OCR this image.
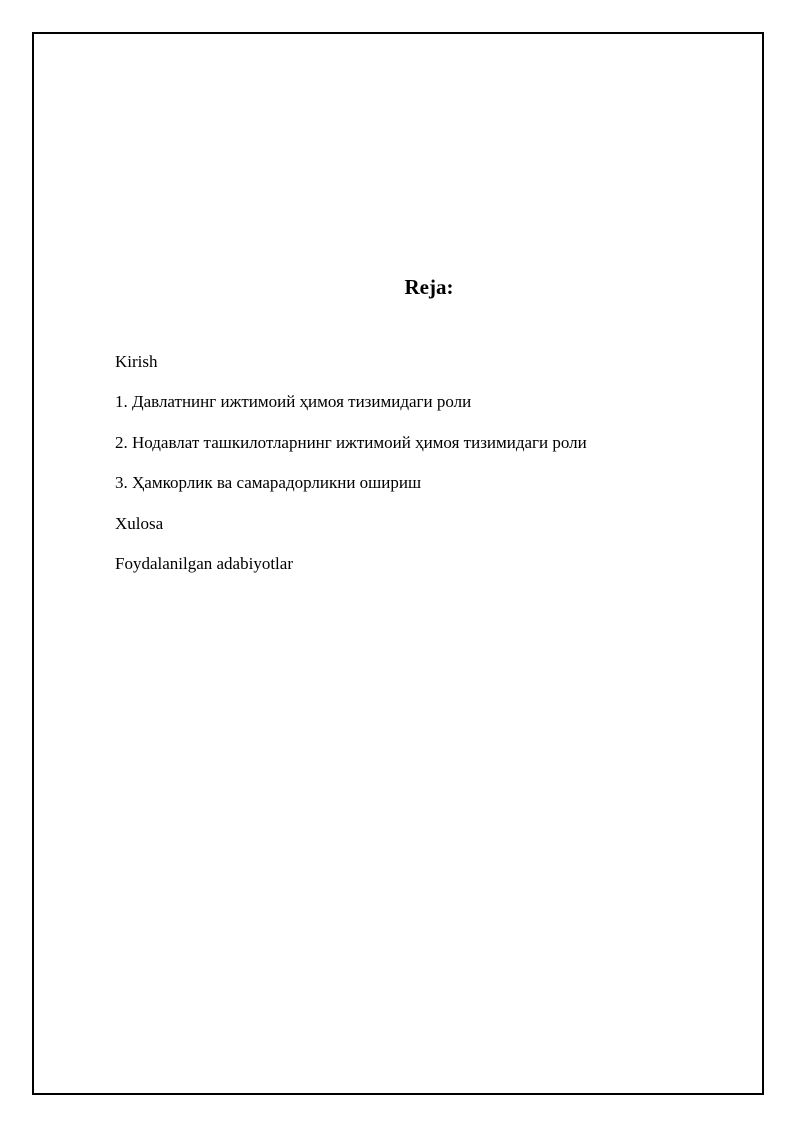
Reja:
Kirish
1. Давлатнинг ижтимоий ҳимоя тизимидаги роли
2. Нодавлат ташкилотларнинг ижтимоий ҳимоя тизимидаги роли
3. Ҳамкорлик ва самарадорликни ошириш
Xulosa
Foydalanilgan adabiyotlar
